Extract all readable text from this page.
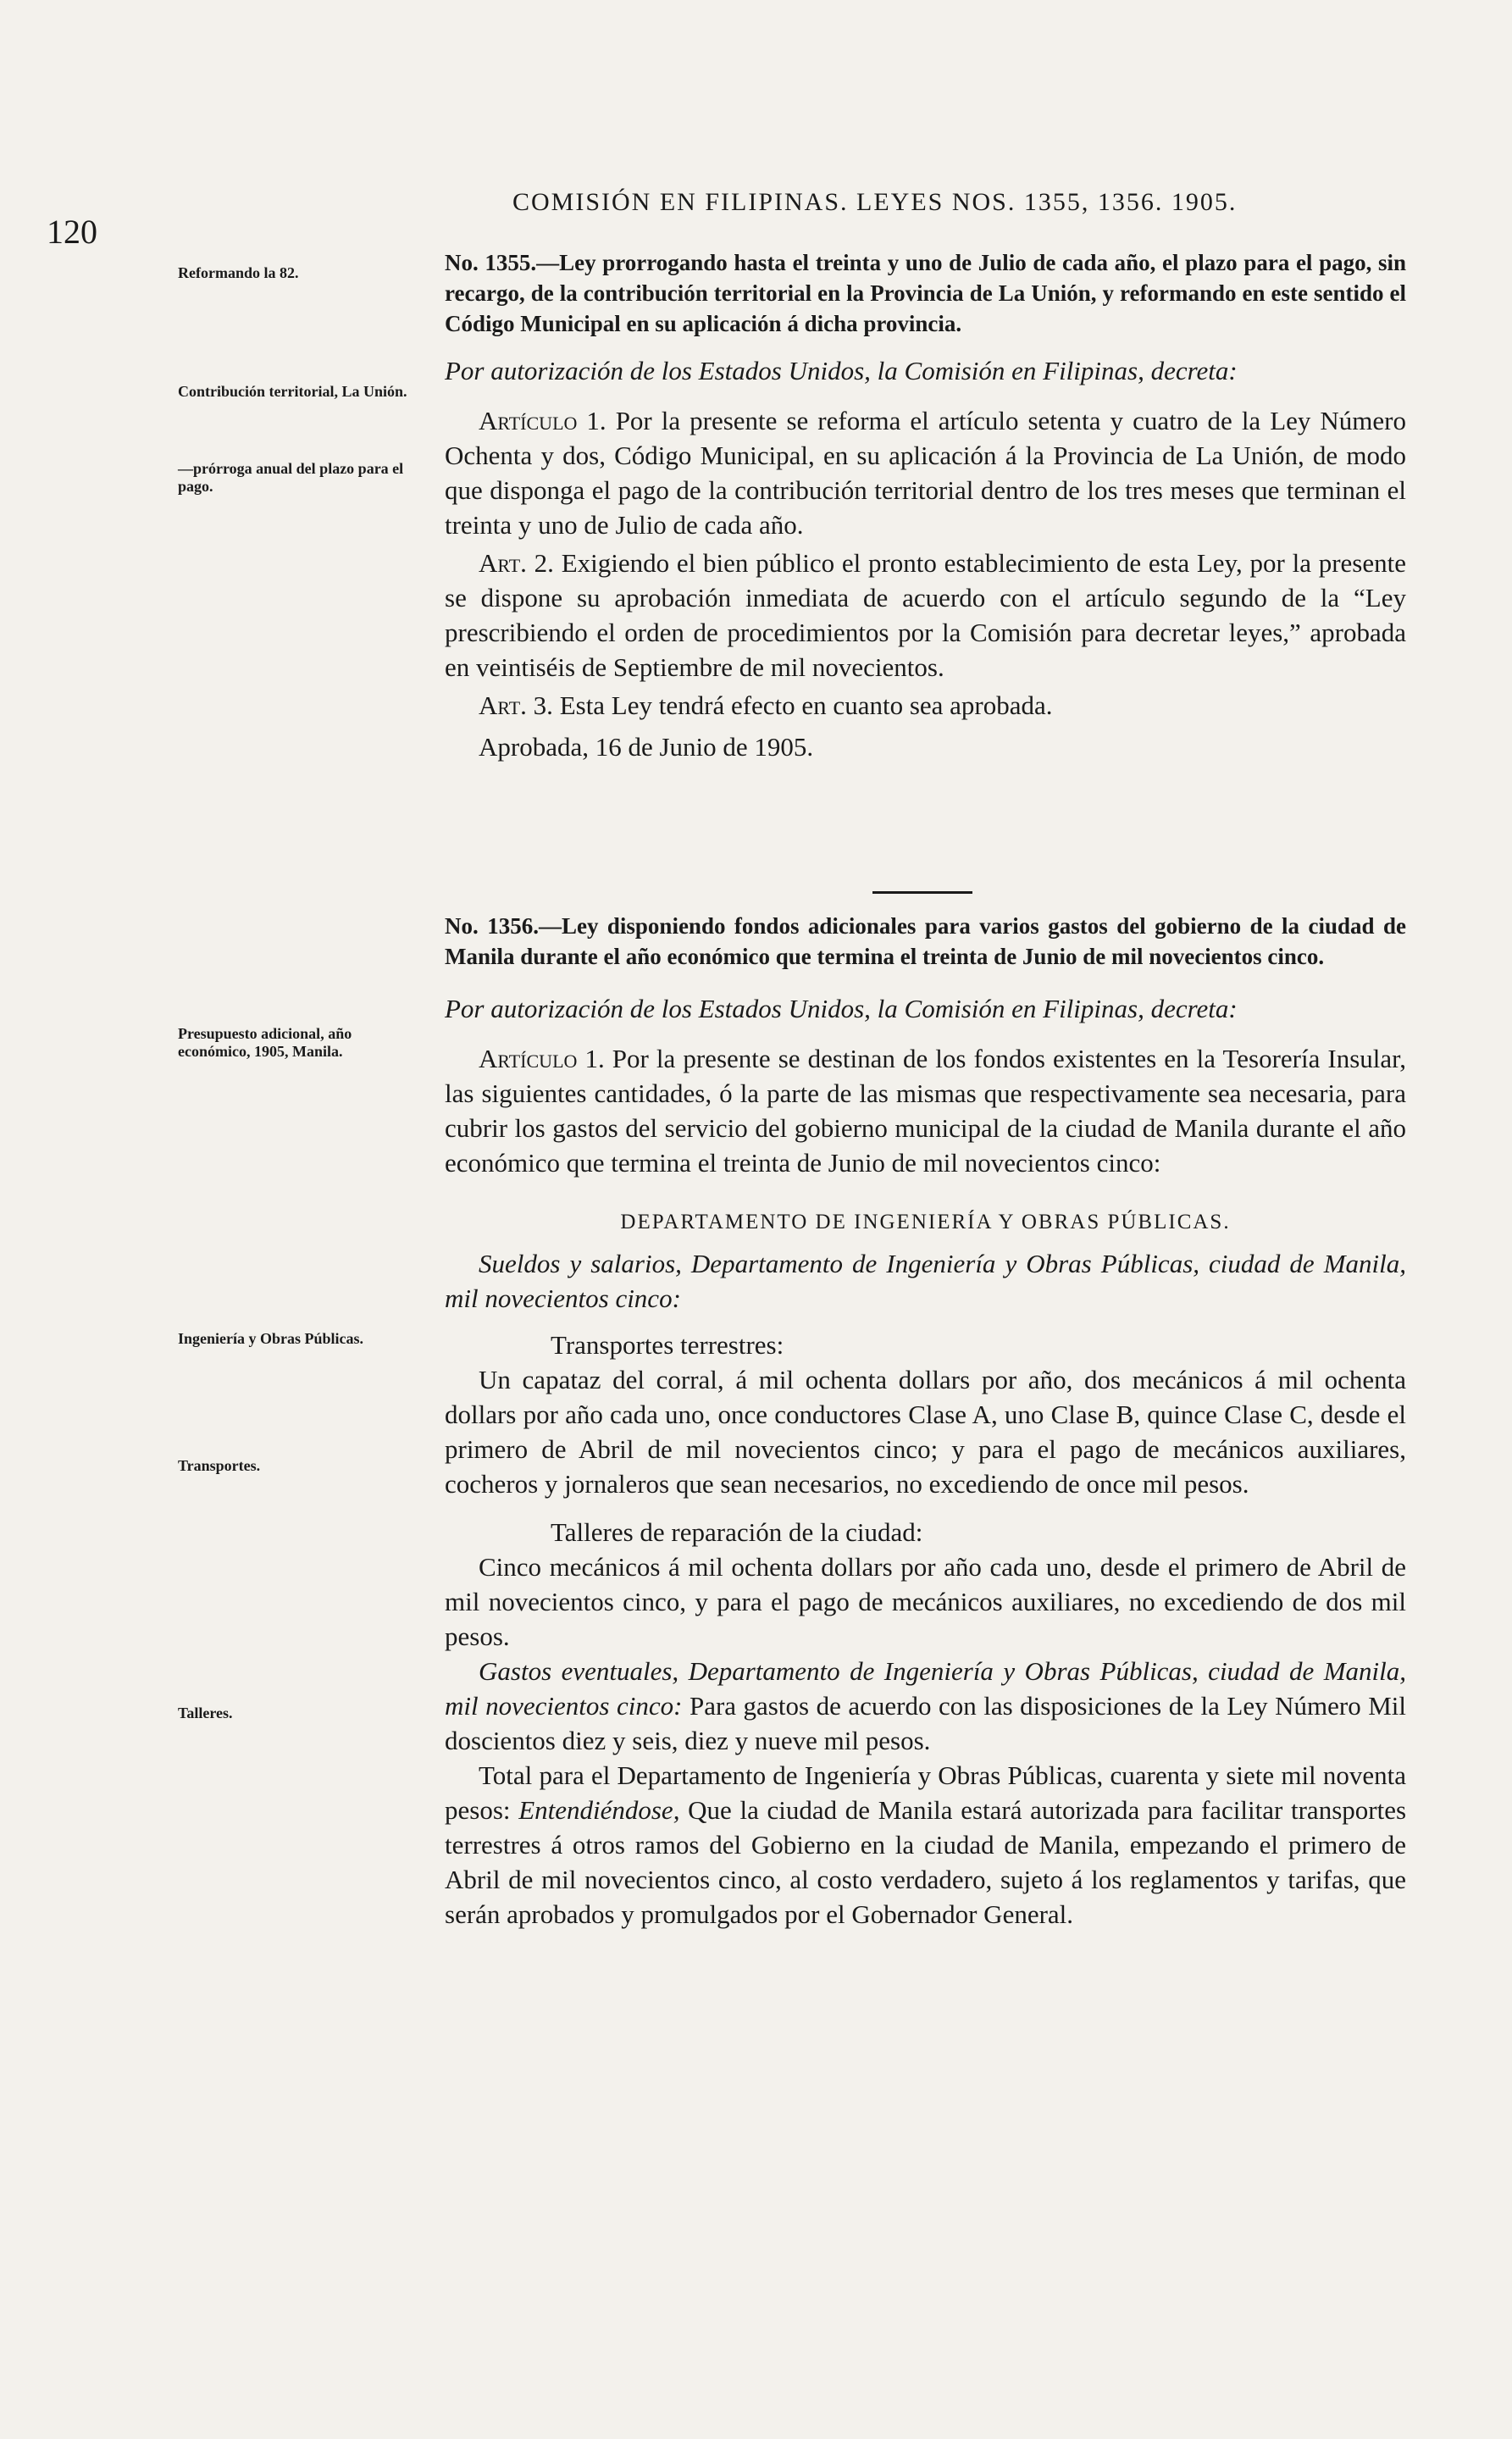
120
COMISIÓN EN FILIPINAS. LEYES NOS. 1355, 1356. 1905.
Reformando la 82.
Contribución territorial, La Unión.
—prórroga anual del plazo para el pago.
Presupuesto adicional, año económico, 1905, Manila.
Ingeniería y Obras Públicas.
Transportes.
Talleres.
No. 1355.—Ley prorrogando hasta el treinta y uno de Julio de cada año, el plazo para el pago, sin recargo, de la contribución territorial en la Provincia de La Unión, y reformando en este sentido el Código Municipal en su aplicación á dicha provincia.
Por autorización de los Estados Unidos, la Comisión en Filipinas, decreta:

Artículo 1. Por la presente se reforma el artículo setenta y cuatro de la Ley Número Ochenta y dos, Código Municipal, en su aplicación á la Provincia de La Unión, de modo que disponga el pago de la contribución territorial dentro de los tres meses que terminan el treinta y uno de Julio de cada año.

Art. 2. Exigiendo el bien público el pronto establecimiento de esta Ley, por la presente se dispone su aprobación inmediata de acuerdo con el artículo segundo de la “Ley prescribiendo el orden de procedimientos por la Comisión para decretar leyes,” aprobada en veintiséis de Septiembre de mil novecientos.

Art. 3. Esta Ley tendrá efecto en cuanto sea aprobada.

Aprobada, 16 de Junio de 1905.
No. 1356.—Ley disponiendo fondos adicionales para varios gastos del gobierno de la ciudad de Manila durante el año económico que termina el treinta de Junio de mil novecientos cinco.
Por autorización de los Estados Unidos, la Comisión en Filipinas, decreta:

Artículo 1. Por la presente se destinan de los fondos existentes en la Tesorería Insular, las siguientes cantidades, ó la parte de las mismas que respectivamente sea necesaria, para cubrir los gastos del servicio del gobierno municipal de la ciudad de Manila durante el año económico que termina el treinta de Junio de mil novecientos cinco:

DEPARTAMENTO DE INGENIERÍA Y OBRAS PÚBLICAS.
Sueldos y salarios, Departamento de Ingeniería y Obras Públicas, ciudad de Manila, mil novecientos cinco:
Transportes terrestres:

Un capataz del corral, á mil ochenta dollars por año, dos mecánicos á mil ochenta dollars por año cada uno, once conductores Clase A, uno Clase B, quince Clase C, desde el primero de Abril de mil novecientos cinco; y para el pago de mecánicos auxiliares, cocheros y jornaleros que sean necesarios, no excediendo de once mil pesos.

Talleres de reparación de la ciudad:

Cinco mecánicos á mil ochenta dollars por año cada uno, desde el primero de Abril de mil novecientos cinco, y para el pago de mecánicos auxiliares, no excediendo de dos mil pesos.

Gastos eventuales, Departamento de Ingeniería y Obras Públicas, ciudad de Manila, mil novecientos cinco: Para gastos de acuerdo con las disposiciones de la Ley Número Mil doscientos diez y seis, diez y nueve mil pesos.

Total para el Departamento de Ingeniería y Obras Públicas, cuarenta y siete mil noventa pesos: Entendiéndose, Que la ciudad de Manila estará autorizada para facilitar transportes terrestres á otros ramos del Gobierno en la ciudad de Manila, empezando el primero de Abril de mil novecientos cinco, al costo verdadero, sujeto á los reglamentos y tarifas, que serán aprobados y promulgados por el Gobernador General.
